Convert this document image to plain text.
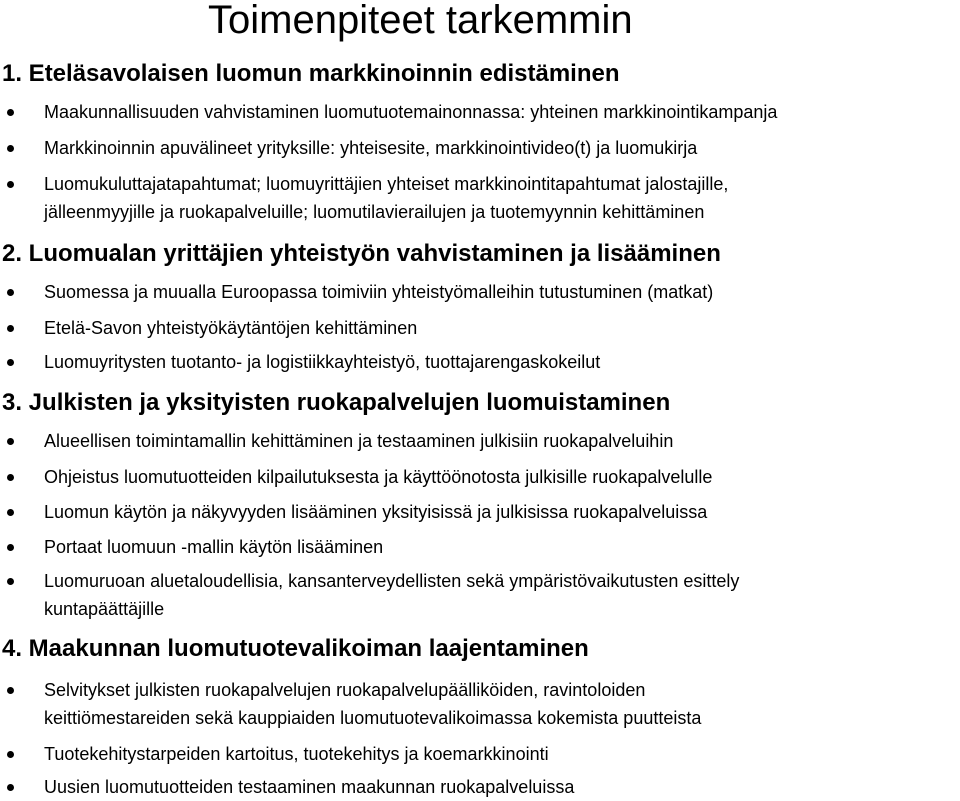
Toimenpiteet tarkemmin
1. Eteläsavolaisen luomun markkinoinnin edistäminen
Maakunnallisuuden vahvistaminen luomutuotemainonnassa: yhteinen markkinointikampanja
Markkinoinnin apuvälineet yrityksille: yhteisesite, markkinointivideo(t) ja luomukirja
Luomukuluttajatapahtumat; luomuyrittäjien yhteiset markkinointitapahtumat jalostajille,
jälleenmyyjille ja ruokapalveluille; luomutilavierailujen ja tuotemyynnin kehittäminen
2. Luomualan yrittäjien yhteistyön vahvistaminen ja lisääminen
Suomessa ja muualla Euroopassa toimiviin yhteistyömalleihin tutustuminen (matkat)
Etelä-Savon yhteistyökäytäntöjen kehittäminen
Luomuyritysten tuotanto- ja logistiikkayhteistyö, tuottajarengaskokeilut
3. Julkisten ja yksityisten ruokapalvelujen luomuistaminen
Alueellisen toimintamallin kehittäminen ja testaaminen julkisiin ruokapalveluihin
Ohjeistus luomutuotteiden kilpailutuksesta ja käyttöönotosta julkisille ruokapalvelulle
Luomun käytön ja näkyvyyden lisääminen yksityisissä ja julkisissa ruokapalveluissa
Portaat luomuun -mallin käytön lisääminen
Luomuruoan aluetaloudellisia, kansanterveydellisten sekä ympäristövaikutusten esittely
kuntapäättäjille
4. Maakunnan luomutuotevalikoiman laajentaminen
Selvitykset julkisten ruokapalvelujen ruokapalvelupäälliköiden, ravintoloiden
keittiömestareiden sekä kauppiaiden luomutuotevalikoimassa kokemista puutteista
Tuotekehitystarpeiden kartoitus, tuotekehitys ja koemarkkinointi
Uusien luomutuotteiden testaaminen maakunnan ruokapalveluissa
